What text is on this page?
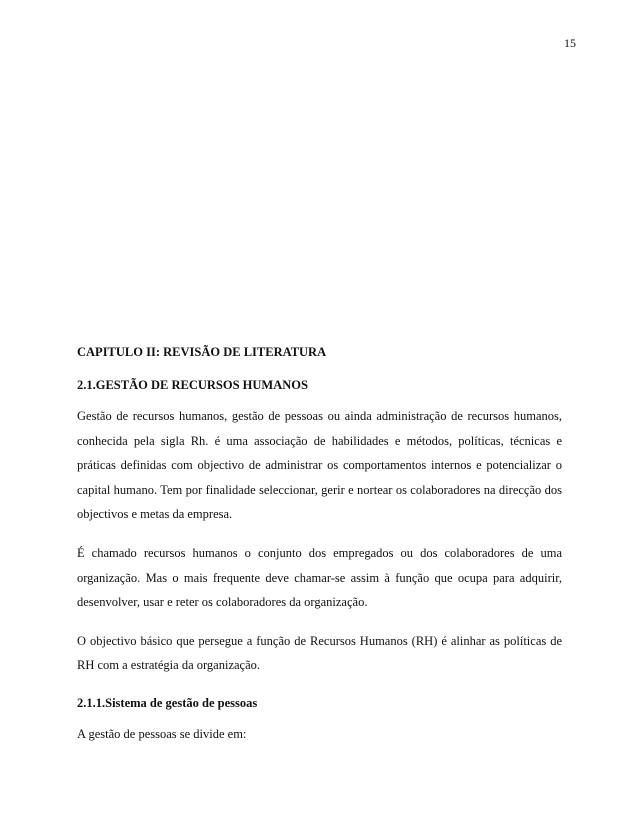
15
CAPITULO II: REVISÃO DE LITERATURA
2.1.GESTÃO DE RECURSOS HUMANOS

Gestão de recursos humanos, gestão de pessoas ou ainda administração de recursos humanos, conhecida pela sigla Rh. é uma associação de habilidades e métodos, políticas, técnicas e práticas definidas com objectivo de administrar os comportamentos internos e potencializar o capital humano. Tem por finalidade seleccionar, gerir e nortear os colaboradores na direcção dos objectivos e metas da empresa.

É chamado recursos humanos o conjunto dos empregados ou dos colaboradores de uma organização. Mas o mais frequente deve chamar-se assim à função que ocupa para adquirir, desenvolver, usar e reter os colaboradores da organização.

O objectivo básico que persegue a função de Recursos Humanos (RH) é alinhar as políticas de RH com a estratégia da organização.

2.1.1.Sistema de gestão de pessoas

A gestão de pessoas se divide em:
